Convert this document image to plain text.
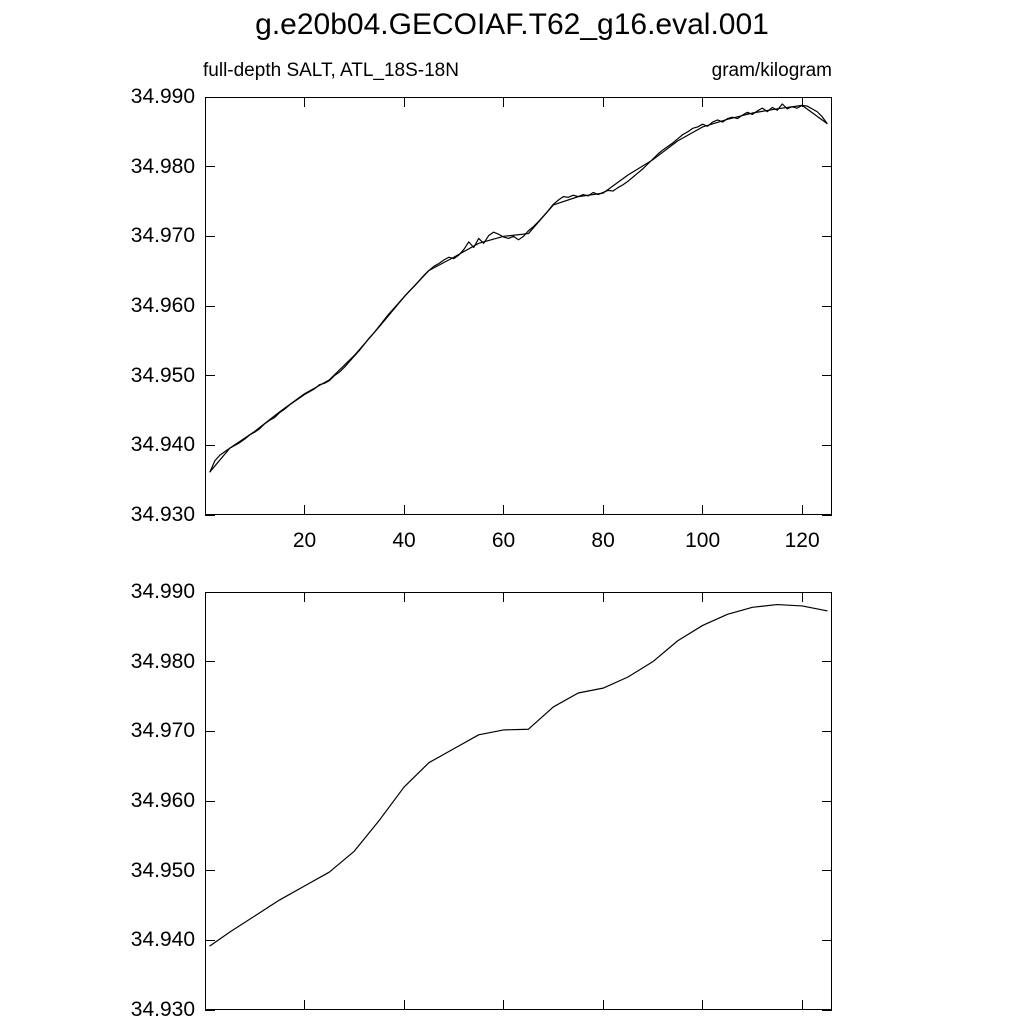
g.e20b04.GECOIAF.T62_g16.eval.001
full-depth SALT, ATL_18S-18N	gram/kilogram
34.930
34.940
34.950
34.960
34.970
34.980
34.990
20	40	60	80	100	120
34.930
34.940
34.950
34.960
34.970
34.980
34.990
